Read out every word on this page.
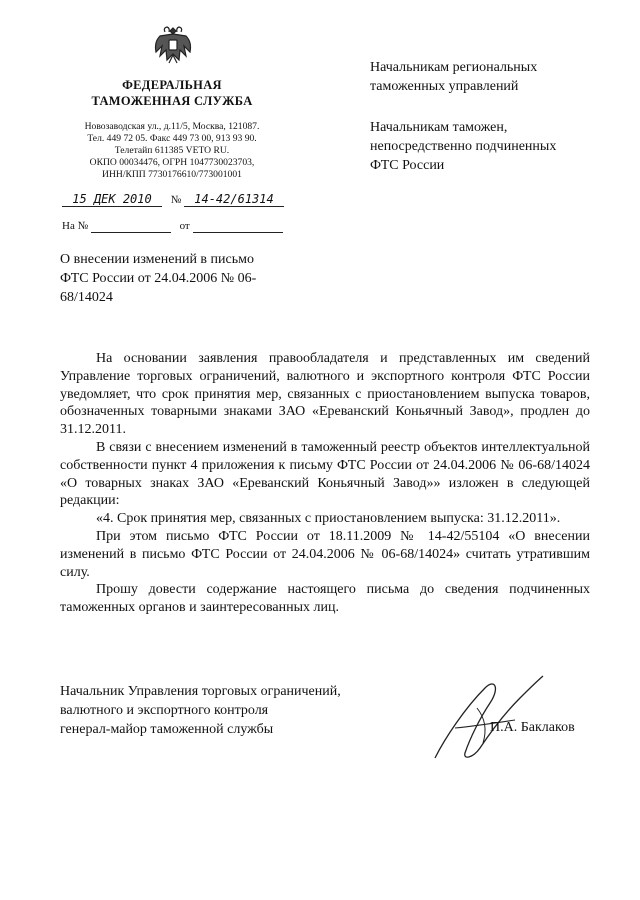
ФЕДЕРАЛЬНАЯ
ТАМОЖЕННАЯ СЛУЖБА
Новозаводская ул., д.11/5, Москва, 121087.
Тел. 449 72 05. Факс 449 73 00, 913 93 90.
Телетайп 611385 VETO RU.
ОКПО 00034476, ОГРН 1047730023703,
ИНН/КПП 7730176610/773001001
15 ДЕК 2010 № 14-42/61314
На №	от
Начальникам региональных
таможенных управлений
Начальникам таможен,
непосредственно подчиненных
ФТС России
О внесении изменений в письмо
ФТС России от 24.04.2006 № 06-
68/14024

На основании заявления правообладателя и представленных им сведений Управление торговых ограничений, валютного и экспортного контроля ФТС России уведомляет, что срок принятия мер, связанных с приостановлением выпуска товаров, обозначенных товарными знаками ЗАО «Ереванский Коньячный Завод», продлен до 31.12.2011.

В связи с внесением изменений в таможенный реестр объектов интеллектуальной собственности пункт 4 приложения к письму ФТС России от 24.04.2006 № 06-68/14024 «О товарных знаках ЗАО «Ереванский Коньячный Завод»» изложен в следующей редакции:

«4. Срок принятия мер, связанных с приостановлением выпуска: 31.12.2011».

При этом письмо ФТС России от 18.11.2009 № 14-42/55104 «О внесении изменений в письмо ФТС России от 24.04.2006 № 06-68/14024» считать утратившим силу.

Прошу довести содержание настоящего письма до сведения подчиненных таможенных органов и заинтересованных лиц.

Начальник Управления торговых ограничений,
валютного и экспортного контроля
генерал-майор таможенной службы	П.А. Баклаков
